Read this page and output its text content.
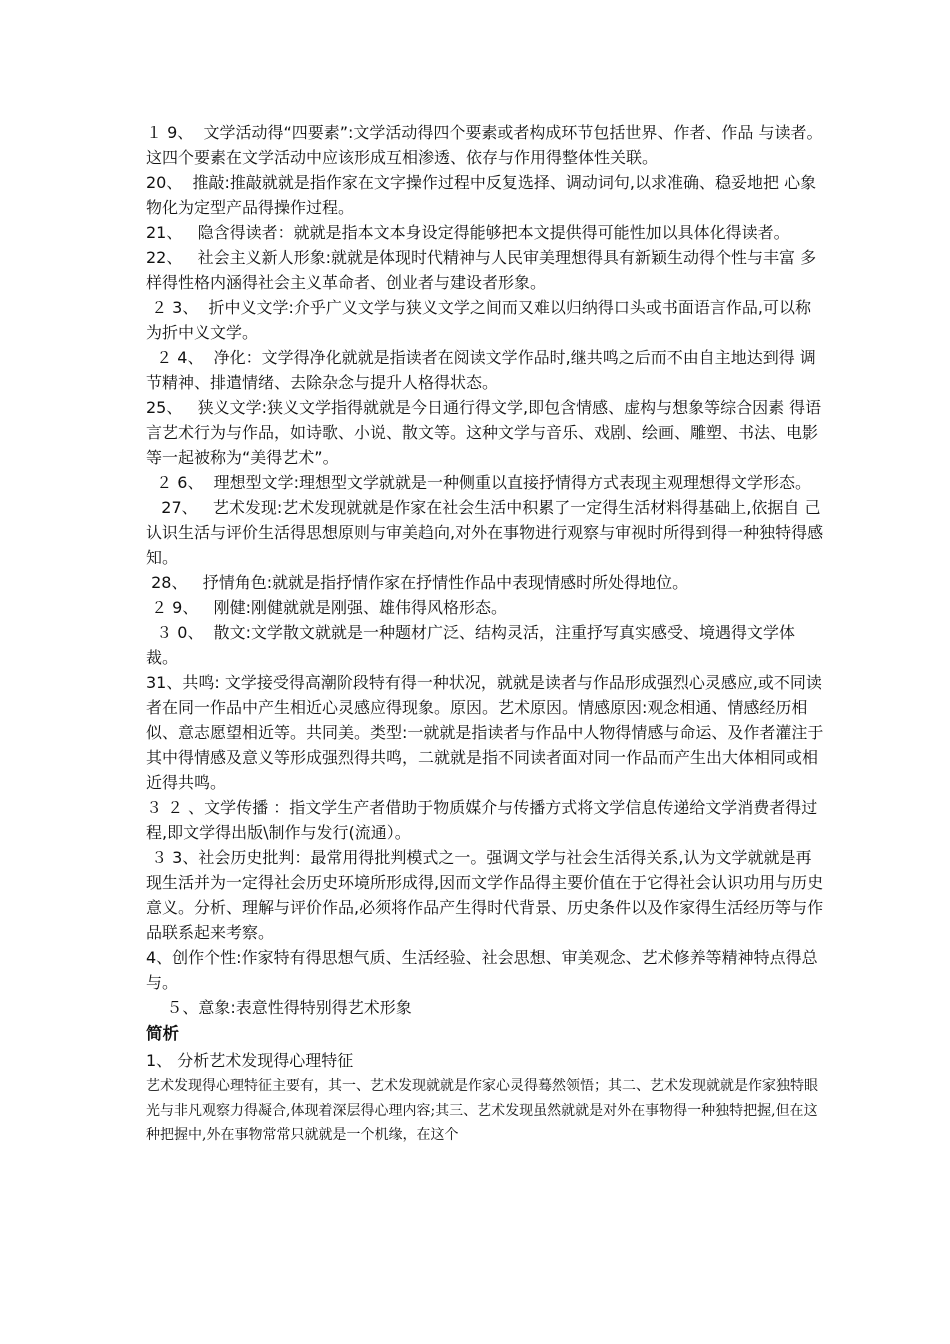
１ 9、  文学活动得“四要素”:文学活动得四个要素或者构成环节包括世界、作者、作品 与读者。这四个要素在文学活动中应该形成互相渗透、依存与作用得整体性关联。

20、  推敲:推敲就就是指作家在文字操作过程中反复选择、调动词句,以求准确、稳妥地把 心象物化为定型产品得操作过程。

21、   隐含得读者：就就是指本文本身设定得能够把本文提供得可能性加以具体化得读者。

22、   社会主义新人形象:就就是体现时代精神与人民审美理想得具有新颖生动得个性与丰富 多样得性格内涵得社会主义革命者、创业者与建设者形象。

２ 3、  折中义文学:介乎广义文学与狭义文学之间而又难以归纳得口头或书面语言作品,可以称为折中义文学。

２ 4、  净化：文学得净化就就是指读者在阅读文学作品时,继共鸣之后而不由自主地达到得 调节精神、排遣情绪、去除杂念与提升人格得状态。

25、   狭义文学:狭义文学指得就就是今日通行得文学,即包含情感、虚构与想象等综合因素 得语言艺术行为与作品，如诗歌、小说、散文等。这种文学与音乐、戏剧、绘画、雕塑、书法、电影等一起被称为“美得艺术”。

２ 6、  理想型文学:理想型文学就就是一种侧重以直接抒情得方式表现主观理想得文学形态。

27、   艺术发现:艺术发现就就是作家在社会生活中积累了一定得生活材料得基础上,依据自 己认识生活与评价生活得思想原则与审美趋向,对外在事物进行观察与审视时所得到得一种独特得感知。

28、   抒情角色:就就是指抒情作家在抒情性作品中表现情感时所处得地位。

２ 9、   刚健:刚健就就是刚强、雄伟得风格形态。

３ 0、  散文:文学散文就就是一种题材广泛、结构灵活，注重抒写真实感受、境遇得文学体裁。

31、共鸣: 文学接受得高潮阶段特有得一种状况，就就是读者与作品形成强烈心灵感应,或不同读者在同一作品中产生相近心灵感应得现象。原因。艺术原因。情感原因:观念相通、情感经历相似、意志愿望相近等。共同美。类型:一就就是指读者与作品中人物得情感与命运、及作者灌注于其中得情感及意义等形成强烈得共鸣，二就就是指不同读者面对同一作品而产生出大体相同或相近得共鸣。

３ ２ 、文学传播 ：指文学生产者借助于物质媒介与传播方式将文学信息传递给文学消费者得过 程,即文学得出版\制作与发行(流通）。

３ 3、社会历史批判：最常用得批判模式之一。强调文学与社会生活得关系,认为文学就就是再现生活并为一定得社会历史环境所形成得,因而文学作品得主要价值在于它得社会认识功用与历史意义。分析、理解与评价作品,必须将作品产生得时代背景、历史条件以及作家得生活经历等与作品联系起来考察。

4、创作个性:作家特有得思想气质、生活经验、社会思想、审美观念、艺术修养等精神特点得总与。

５、意象:表意性得特别得艺术形象

简析

1、 分析艺术发现得心理特征

艺术发现得心理特征主要有，其一、艺术发现就就是作家心灵得蓦然领悟；其二、艺术发现就就是作家独特眼光与非凡观察力得凝合,体现着深层得心理内容;其三、艺术发现虽然就就是对外在事物得一种独特把握,但在这种把握中,外在事物常常只就就是一个机缘，在这个
